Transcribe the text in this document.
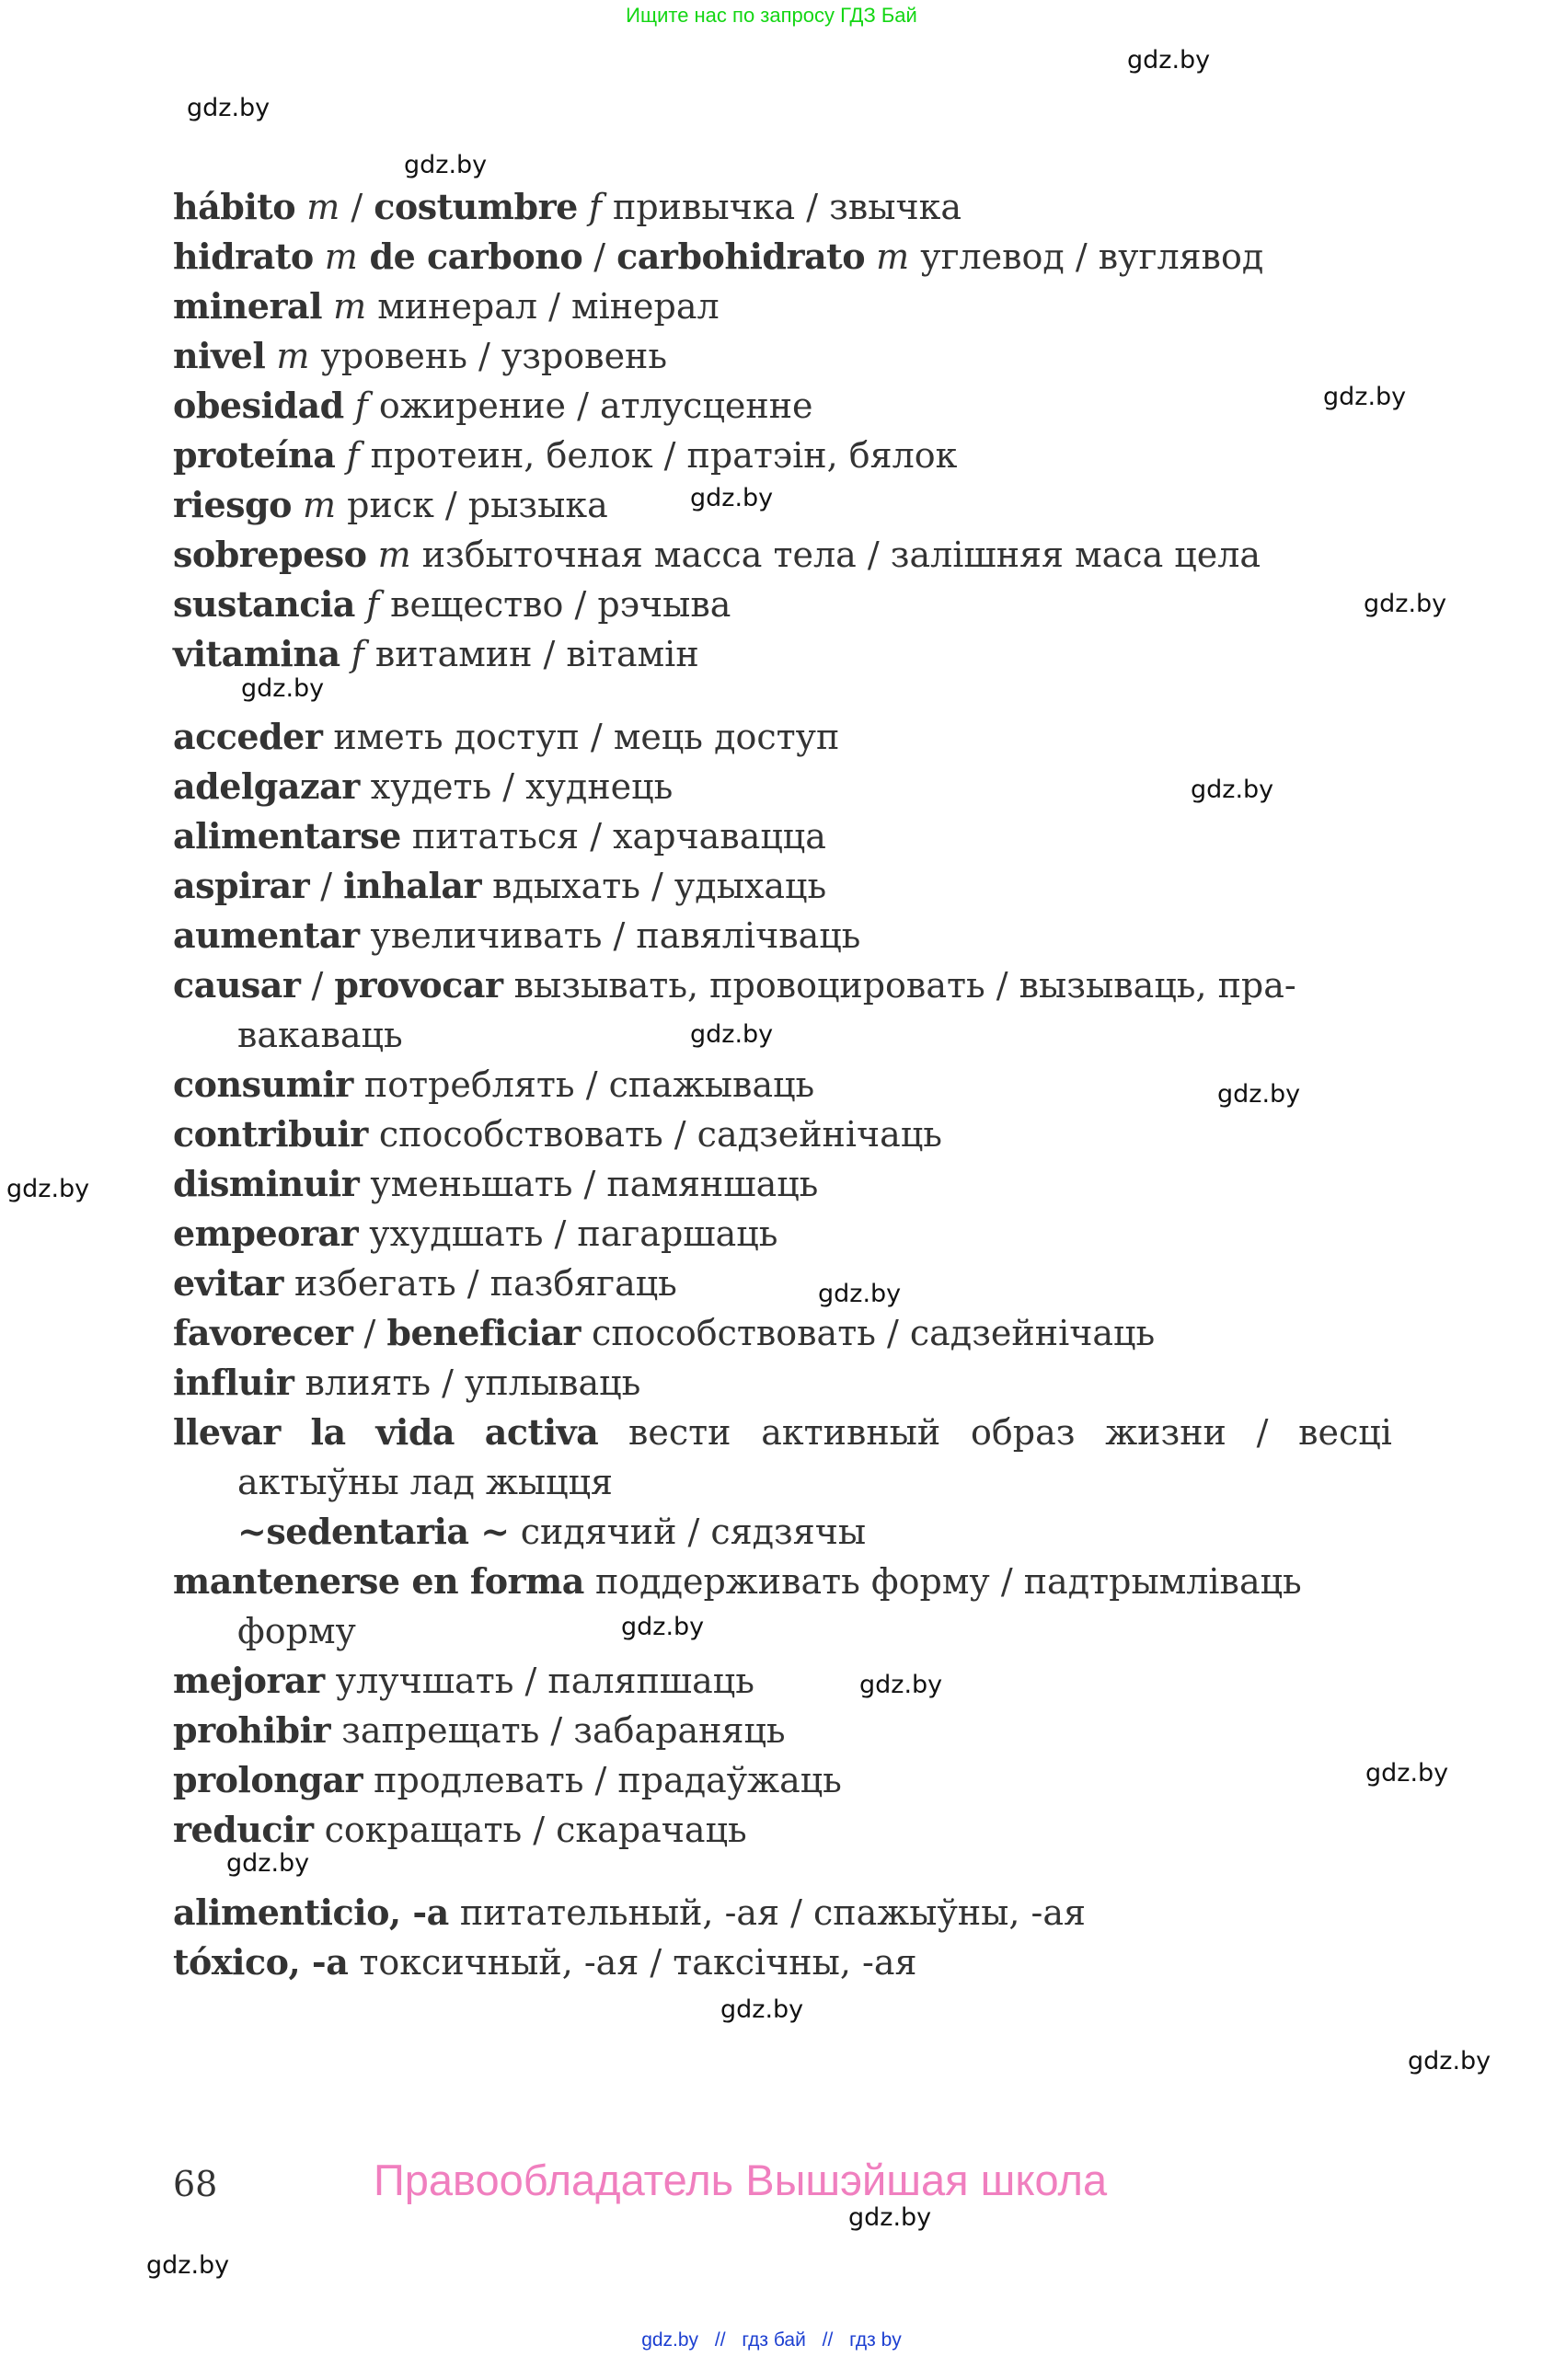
Ищите нас по запросу ГДЗ Бай
gdz.by
gdz.by
gdz.by
gdz.by
gdz.by
gdz.by
gdz.by
gdz.by
gdz.by
gdz.by
gdz.by
gdz.by
gdz.by
gdz.by
gdz.by
gdz.by
gdz.by
gdz.by
gdz.by
gdz.by
hábito m / costumbre f привычка / звычка
hidrato m de carbono / carbohidrato m углевод / вуглявод
mineral m минерал / мінерал
nivel m уровень / узровень
obesidad f ожирение / атлусценне
proteína f протеин, белок / пратэін, бялок
riesgo m риск / рызыка
sobrepeso m избыточная масса тела / залішняя маса цела
sustancia f вещество / рэчыва
vitamina f витамин / вітамін
acceder иметь доступ / мець доступ
adelgazar худеть / худнець
alimentarse питаться / харчавацца
aspirar / inhalar вдыхать / удыхаць
aumentar увеличивать / павялічваць
causar / provocar вызывать, провоцировать / вызываць, пра-
вакаваць
consumir потреблять / спажываць
contribuir способствовать / садзейнічаць
disminuir уменьшать / памяншаць
empeorar ухудшать / пагаршаць
evitar избегать / пазбягаць
favorecer / beneficiar способствовать / садзейнічаць
influir влиять / уплываць
llevar la vida activa вести активный образ жизни / весці
актыўны лад жыцця
~sedentaria ~ сидячий / сядзячы
mantenerse en forma поддерживать форму / падтрымліваць
форму
mejorar улучшать / паляпшаць
prohibir запрещать / забараняць
prolongar продлевать / прадаўжаць
reducir сокращать / скарачаць
alimenticio, -a питательный, -ая / спажыўны, -ая
tóxico, -a токсичный, -ая / таксічны, -ая
68	Правообладатель Вышэйшая школа
gdz.by // гдз бай // гдз by
